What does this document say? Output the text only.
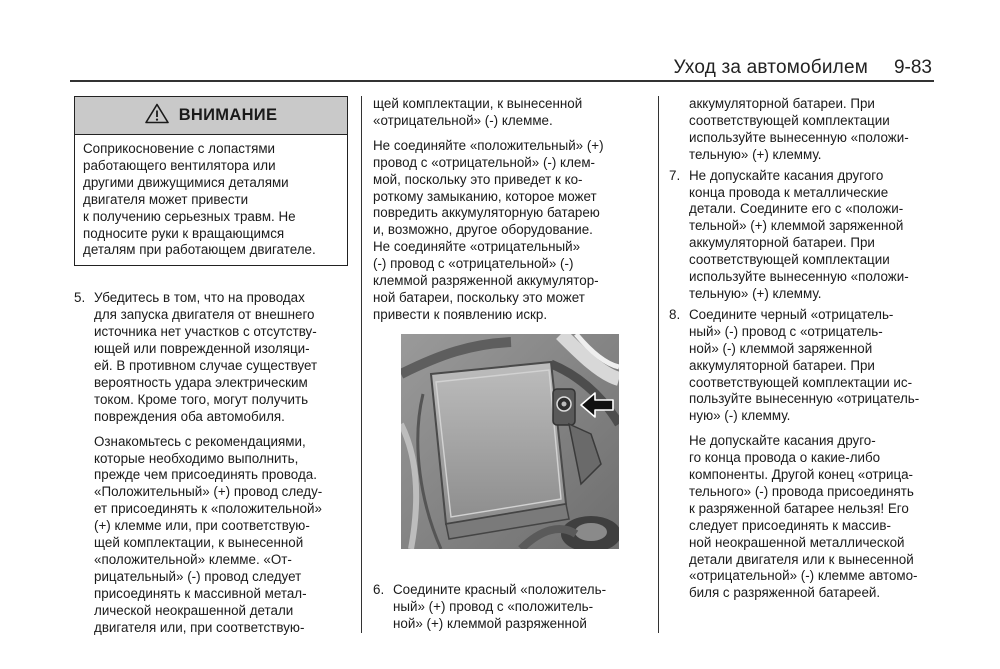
Уход за автомобилем 9-83
ВНИМАНИЕ
Соприкосновение с лопастями
работающего вентилятора или
другими движущимися деталями
двигателя может привести
к получению серьезных травм. Не
подносите руки к вращающимся
деталям при работающем двигателе.
5. Убедитесь в том, что на проводах
для запуска двигателя от внешнего
источника нет участков с отсутству-
ющей или поврежденной изоляци-
ей. В противном случае существует
вероятность удара электрическим
током. Кроме того, могут получить
повреждения оба автомобиля.

Ознакомьтесь с рекомендациями,
которые необходимо выполнить,
прежде чем присоединять провода.
«Положительный» (+) провод следу-
ет присоединять к «положительной»
(+) клемме или, при соответствую-
щей комплектации, к вынесенной
«положительной» клемме. «От-
рицательный» (-) провод следует
присоединять к массивной метал-
лической неокрашенной детали
двигателя или, при соответствую-

щей комплектации, к вынесенной
«отрицательной» (-) клемме.

Не соединяйте «положительный» (+)
провод с «отрицательной» (-) клем-
мой, поскольку это приведет к ко-
роткому замыканию, которое может
повредить аккумуляторную батарею
и, возможно, другое оборудование.
Не соединяйте «отрицательный»
(-) провод с «отрицательной» (-)
клеммой разряженной аккумулятор-
ной батареи, поскольку это может
привести к появлению искр.

6. Соедините красный «положитель-
ный» (+) провод с «положитель-
ной» (+) клеммой разряженной

аккумуляторной батареи. При
соответствующей комплектации
используйте вынесенную «положи-
тельную» (+) клемму.

7. Не допускайте касания другого
конца провода к металлические
детали. Соедините его с «положи-
тельной» (+) клеммой заряженной
аккумуляторной батареи. При
соответствующей комплектации
используйте вынесенную «положи-
тельную» (+) клемму.

8. Соедините черный «отрицатель-
ный» (-) провод с «отрицатель-
ной» (-) клеммой заряженной
аккумуляторной батареи. При
соответствующей комплектации ис-
пользуйте вынесенную «отрицатель-
ную» (-) клемму.

Не допускайте касания друго-
го конца провода о какие-либо
компоненты. Другой конец «отрица-
тельного» (-) провода присоединять
к разряженной батарее нельзя! Его
следует присоединять к массив-
ной неокрашенной металлической
детали двигателя или к вынесенной
«отрицательной» (-) клемме автомо-
биля с разряженной батареей.
